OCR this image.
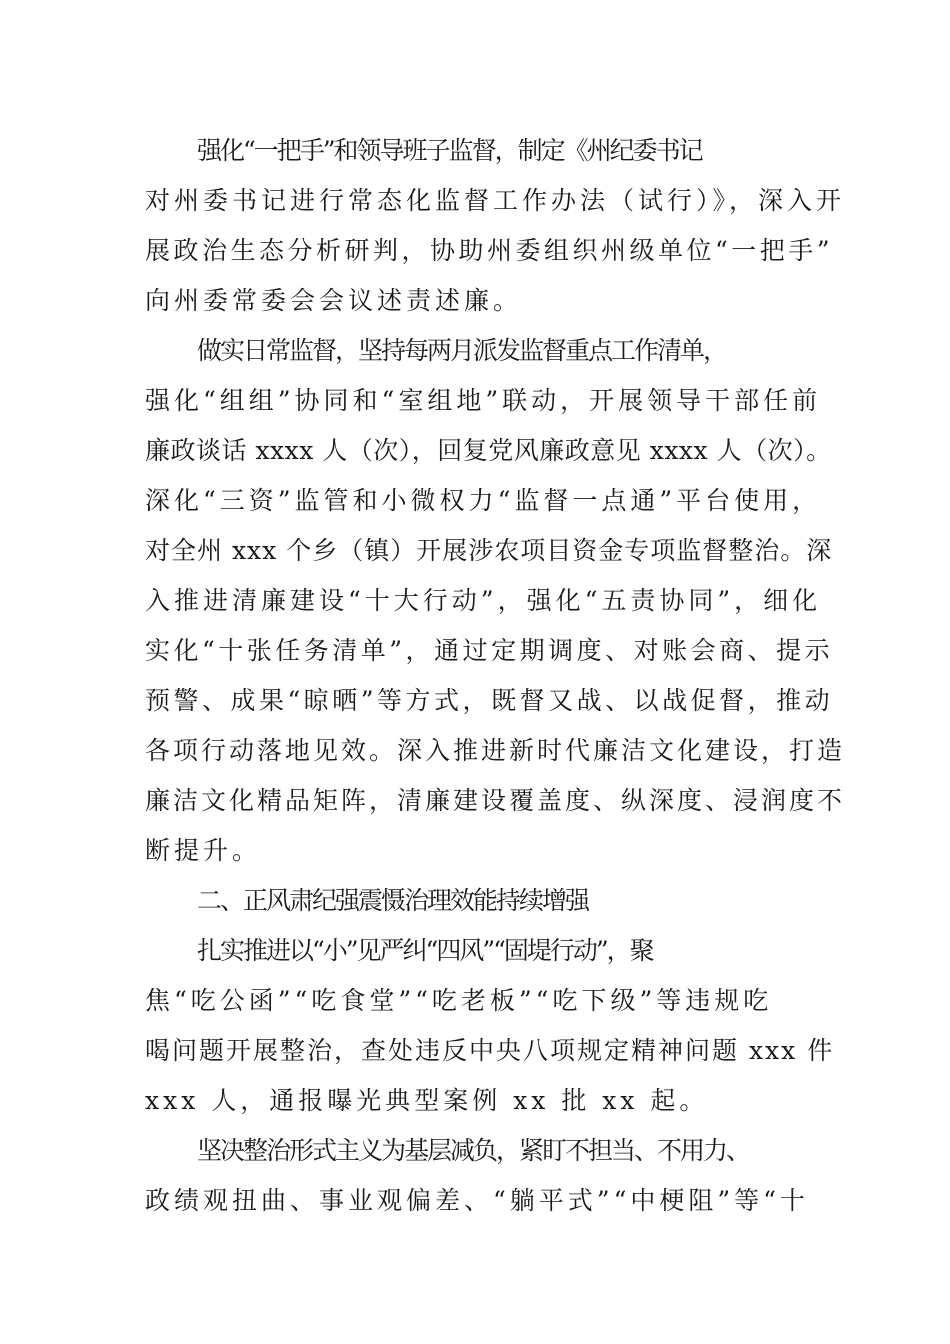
强化“一把手”和领导班子监督，制定《州纪委书记
对州委书记进行常态化监督工作办法（试行）》，深入开
展政治生态分析研判，协助州委组织州级单位“一把手”
向州委常委会会议述责述廉。
做实日常监督，坚持每两月派发监督重点工作清单，
强化“组组”协同和“室组地”联动，开展领导干部任前
廉政谈话 xxxx 人（次），回复党风廉政意见 xxxx 人（次）。
深化“三资”监管和小微权力“监督一点通”平台使用，
对全州 xxx 个乡（镇）开展涉农项目资金专项监督整治。深
入推进清廉建设“十大行动”，强化“五责协同”，细化
实化“十张任务清单”，通过定期调度、对账会商、提示
预警、成果“晾晒”等方式，既督又战、以战促督，推动
各项行动落地见效。深入推进新时代廉洁文化建设，打造
廉洁文化精品矩阵，清廉建设覆盖度、纵深度、浸润度不
断提升。
二、正风肃纪强震慑治理效能持续增强
扎实推进以“小”见严纠“四风”“固堤行动”，聚
焦“吃公函”“吃食堂”“吃老板”“吃下级”等违规吃
喝问题开展整治，查处违反中央八项规定精神问题 xxx 件
xxx 人，通报曝光典型案例 xx 批 xx 起。
坚决整治形式主义为基层减负，紧盯不担当、不用力、
政绩观扭曲、事业观偏差、“躺平式”“中梗阻”等“十
